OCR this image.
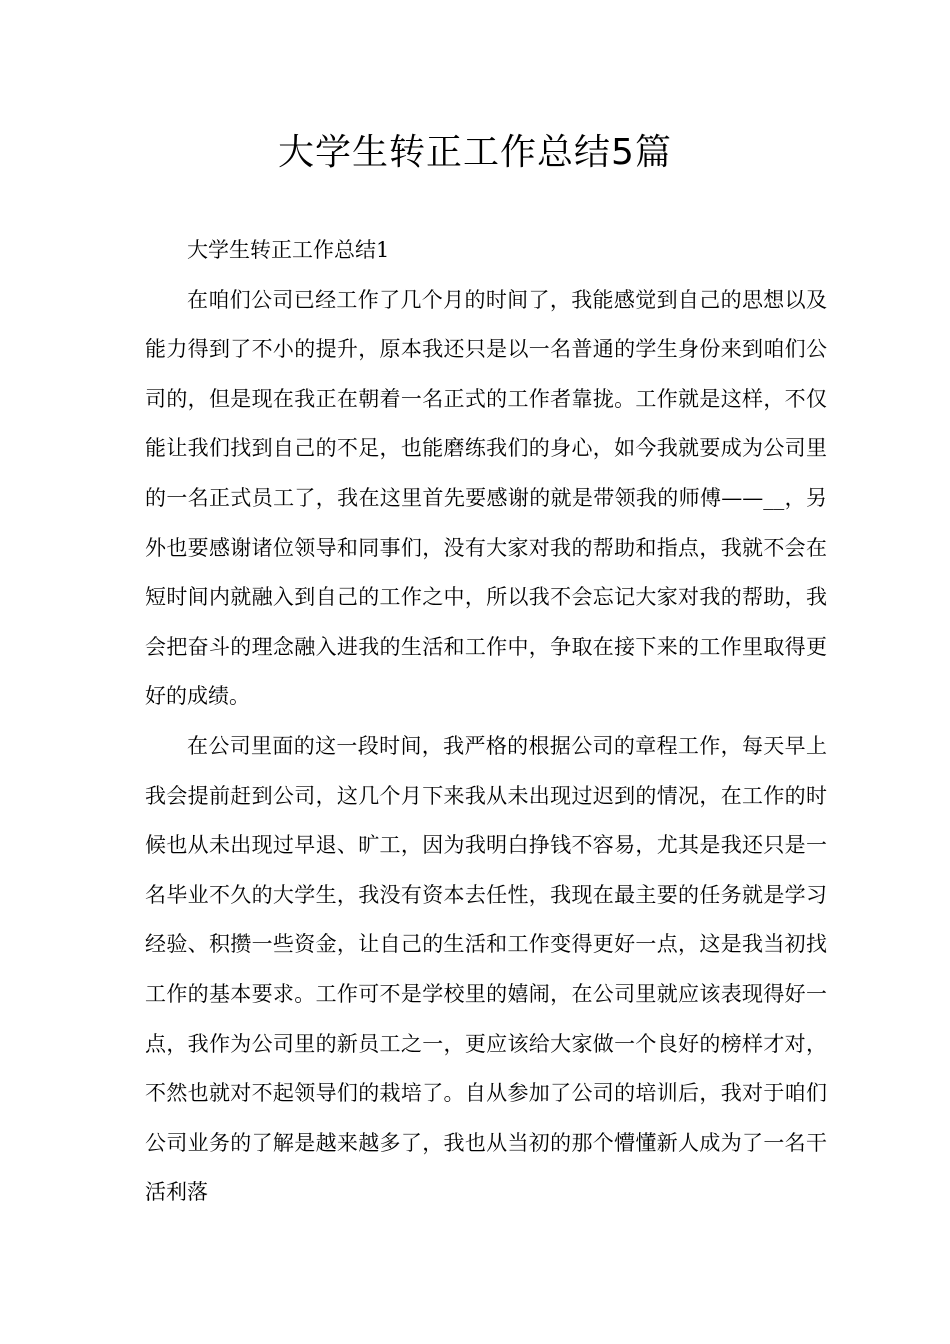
大学生转正工作总结5篇

大学生转正工作总结1

在咱们公司已经工作了几个月的时间了，我能感觉到自己的思想以及能力得到了不小的提升，原本我还只是以一名普通的学生身份来到咱们公司的，但是现在我正在朝着一名正式的工作者靠拢。工作就是这样，不仅能让我们找到自己的不足，也能磨练我们的身心，如今我就要成为公司里的一名正式员工了，我在这里首先要感谢的就是带领我的师傅——__，另外也要感谢诸位领导和同事们，没有大家对我的帮助和指点，我就不会在短时间内就融入到自己的工作之中，所以我不会忘记大家对我的帮助，我会把奋斗的理念融入进我的生活和工作中，争取在接下来的工作里取得更好的成绩。

在公司里面的这一段时间，我严格的根据公司的章程工作，每天早上我会提前赶到公司，这几个月下来我从未出现过迟到的情况，在工作的时候也从未出现过早退、旷工，因为我明白挣钱不容易，尤其是我还只是一名毕业不久的大学生，我没有资本去任性，我现在最主要的任务就是学习经验、积攒一些资金，让自己的生活和工作变得更好一点，这是我当初找工作的基本要求。工作可不是学校里的嬉闹，在公司里就应该表现得好一点，我作为公司里的新员工之一，更应该给大家做一个良好的榜样才对，不然也就对不起领导们的栽培了。自从参加了公司的培训后，我对于咱们公司业务的了解是越来越多了，我也从当初的那个懵懂新人成为了一名干活利落
